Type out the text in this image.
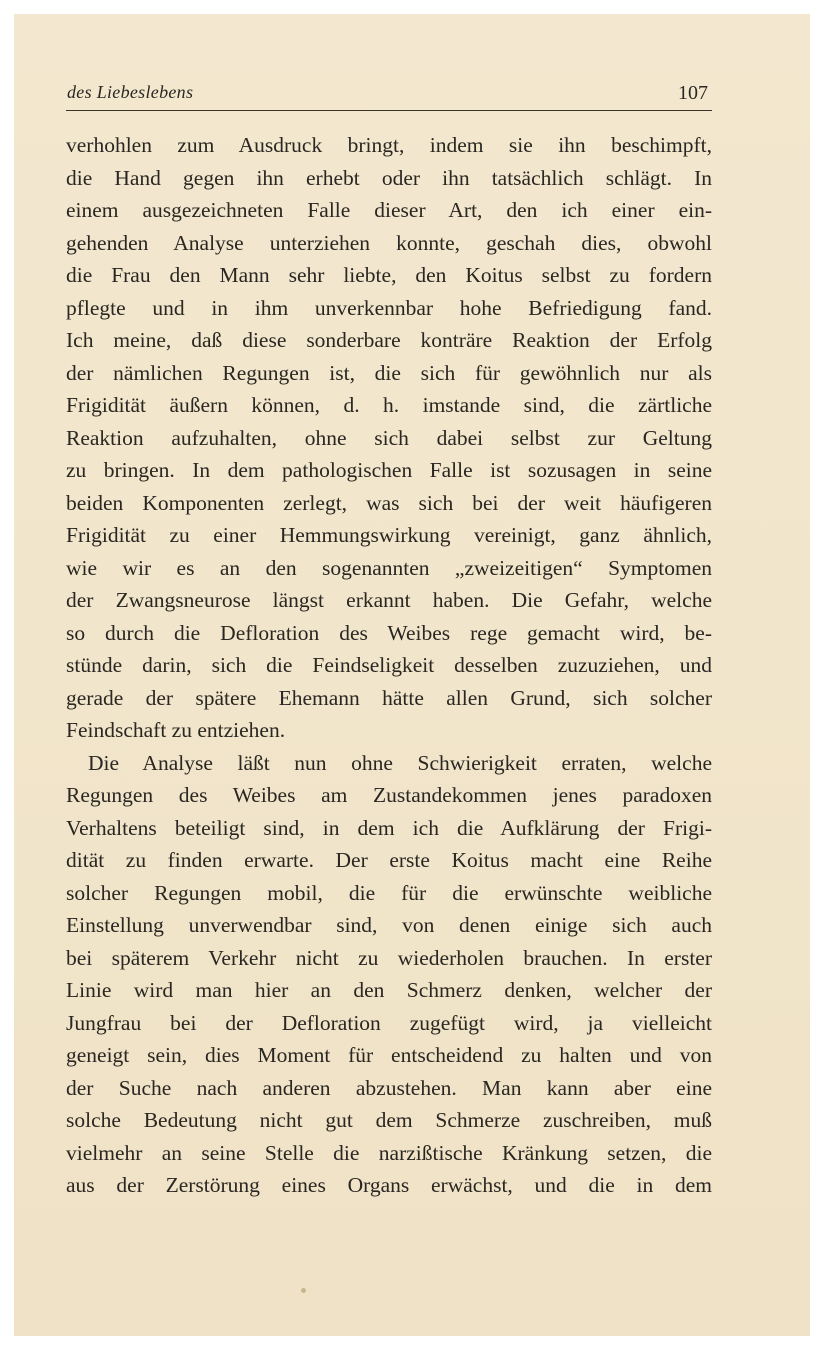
des Liebeslebens	107
verhohlen zum Ausdruck bringt, indem sie ihn beschimpft,
die Hand gegen ihn erhebt oder ihn tatsächlich schlägt. In
einem ausgezeichneten Falle dieser Art, den ich einer ein-
gehenden Analyse unterziehen konnte, geschah dies, obwohl
die Frau den Mann sehr liebte, den Koitus selbst zu fordern
pflegte und in ihm unverkennbar hohe Befriedigung fand.
Ich meine, daß diese sonderbare konträre Reaktion der Erfolg
der nämlichen Regungen ist, die sich für gewöhnlich nur als
Frigidität äußern können, d. h. imstande sind, die zärtliche
Reaktion aufzuhalten, ohne sich dabei selbst zur Geltung
zu bringen. In dem pathologischen Falle ist sozusagen in seine
beiden Komponenten zerlegt, was sich bei der weit häufigeren
Frigidität zu einer Hemmungswirkung vereinigt, ganz ähnlich,
wie wir es an den sogenannten „zweizeitigen“ Symptomen
der Zwangsneurose längst erkannt haben. Die Gefahr, welche
so durch die Defloration des Weibes rege gemacht wird, be-
stünde darin, sich die Feindseligkeit desselben zuzuziehen, und
gerade der spätere Ehemann hätte allen Grund, sich solcher
Feindschaft zu entziehen.
Die Analyse läßt nun ohne Schwierigkeit erraten, welche
Regungen des Weibes am Zustandekommen jenes paradoxen
Verhaltens beteiligt sind, in dem ich die Aufklärung der Frigi-
dität zu finden erwarte. Der erste Koitus macht eine Reihe
solcher Regungen mobil, die für die erwünschte weibliche
Einstellung unverwendbar sind, von denen einige sich auch
bei späterem Verkehr nicht zu wiederholen brauchen. In erster
Linie wird man hier an den Schmerz denken, welcher der
Jungfrau bei der Defloration zugefügt wird, ja vielleicht
geneigt sein, dies Moment für entscheidend zu halten und von
der Suche nach anderen abzustehen. Man kann aber eine
solche Bedeutung nicht gut dem Schmerze zuschreiben, muß
vielmehr an seine Stelle die narzißtische Kränkung setzen, die
aus der Zerstörung eines Organs erwächst, und die in dem
